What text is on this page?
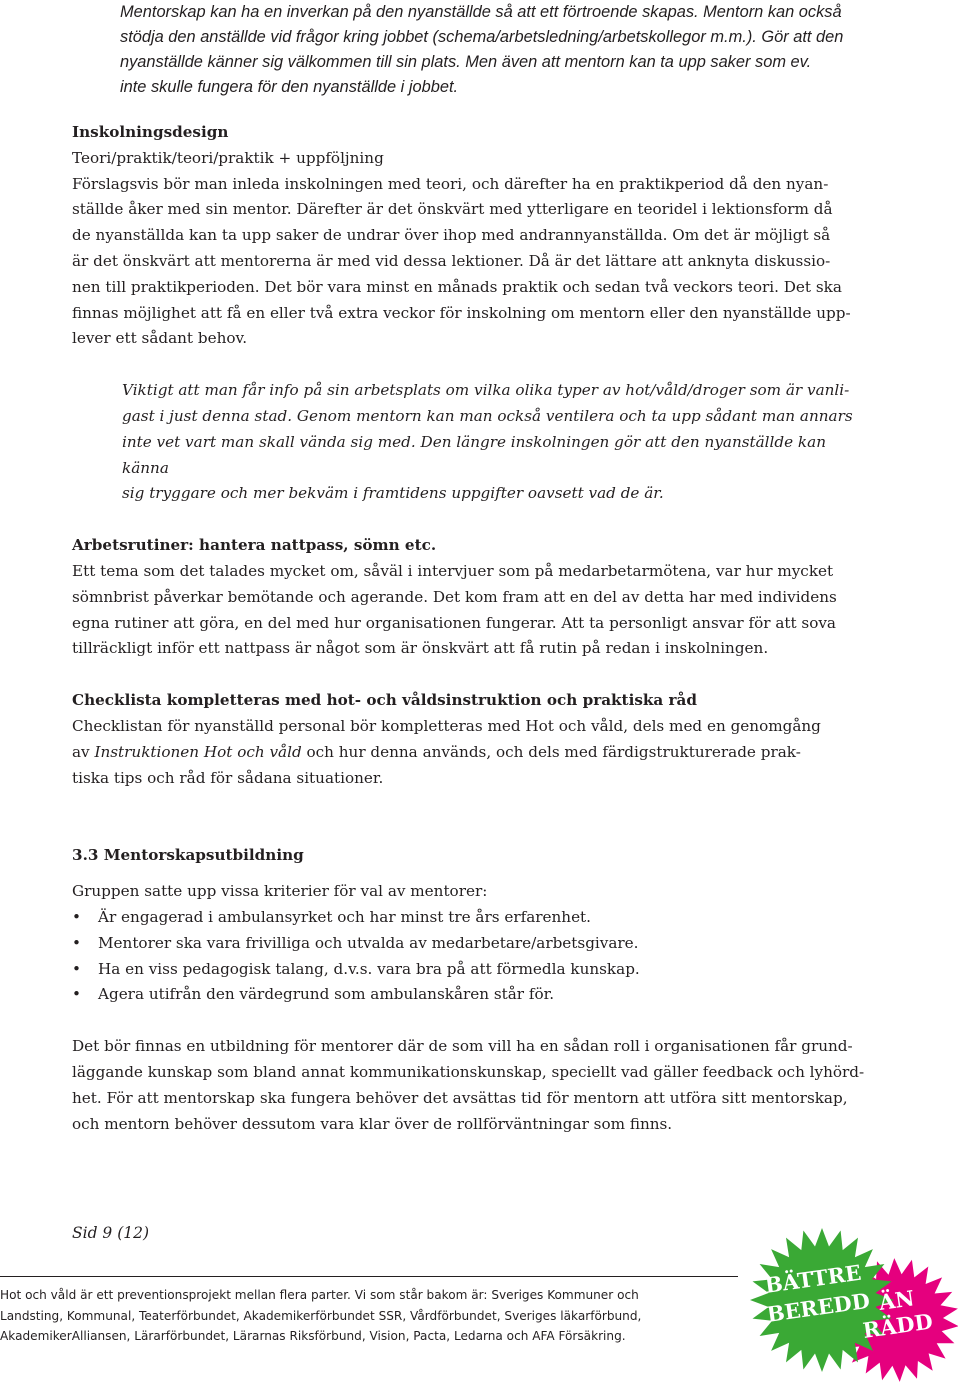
Mentorskap kan ha en inverkan på den nyanställde så att ett förtroende skapas. Mentorn kan också

stödja den anställde vid frågor kring jobbet (schema/arbetsledning/arbetskollegor m.m.). Gör att den

nyanställde känner sig välkommen till sin plats. Men även att mentorn kan ta upp saker som ev.

inte skulle fungera för den nyanställde i jobbet.

Inskolningsdesign

Teori/praktik/teori/praktik + uppföljning

Förslagsvis bör man inleda inskolningen med teori, och därefter ha en praktikperiod då den nyan-

ställde åker med sin mentor. Därefter är det önskvärt med ytterligare en teoridel i lektionsform då

de nyanställda kan ta upp saker de undrar över ihop med andrannyanställda. Om det är möjligt så

är det önskvärt att mentorerna är med vid dessa lektioner. Då är det lättare att anknyta diskussio-

nen till praktikperioden. Det bör vara minst en månads praktik och sedan två veckors teori. Det ska

finnas möjlighet att få en eller två extra veckor för inskolning om mentorn eller den nyanställde upp-

lever ett sådant behov.

Viktigt att man får info på sin arbetsplats om vilka olika typer av hot/våld/droger som är vanli-

gast i just denna stad. Genom mentorn kan man också ventilera och ta upp sådant man annars

inte vet vart man skall vända sig med. Den längre inskolningen gör att den nyanställde kan känna

sig tryggare och mer bekväm i framtidens uppgifter oavsett vad de är.

Arbetsrutiner: hantera nattpass, sömn etc.

Ett tema som det talades mycket om, såväl i intervjuer som på medarbetarmötena, var hur mycket

sömnbrist påverkar bemötande och agerande. Det kom fram att en del av detta har med individens

egna rutiner att göra, en del med hur organisationen fungerar. Att ta personligt ansvar för att sova

tillräckligt inför ett nattpass är något som är önskvärt att få rutin på redan i inskolningen.

Checklista kompletteras med hot- och våldsinstruktion och praktiska råd

Checklistan för nyanställd personal bör kompletteras med Hot och våld, dels med en genomgång

av Instruktionen Hot och våld och hur denna används, och dels med färdigstrukturerade prak-

tiska tips och råd för sådana situationer.

3.3 Mentorskapsutbildning

Gruppen satte upp vissa kriterier för val av mentorer:

• Är engagerad i ambulansyrket och har minst tre års erfarenhet.
• Mentorer ska vara frivilliga och utvalda av medarbetare/arbetsgivare.
• Ha en viss pedagogisk talang, d.v.s. vara bra på att förmedla kunskap.
• Agera utifrån den värdegrund som ambulanskåren står för.

Det bör finnas en utbildning för mentorer där de som vill ha en sådan roll i organisationen får grund-

läggande kunskap som bland annat kommunikationskunskap, speciellt vad gäller feedback och lyhörd-

het. För att mentorskap ska fungera behöver det avsättas tid för mentorn att utföra sitt mentorskap,

och mentorn behöver dessutom vara klar över de rollförväntningar som finns.

Sid 9 (12)
Hot och våld är ett preventionsprojekt mellan flera parter. Vi som står bakom är: Sveriges Kommuner och
Landsting, Kommunal, Teaterförbundet, Akademikerförbundet SSR, Vårdförbundet, Sveriges läkarförbund,
AkademikerAlliansen, Lärarförbundet, Lärarnas Riksförbund, Vision, Pacta, Ledarna och AFA Försäkring.
BÄTTRE
BEREDD ÄN
RÄDD
